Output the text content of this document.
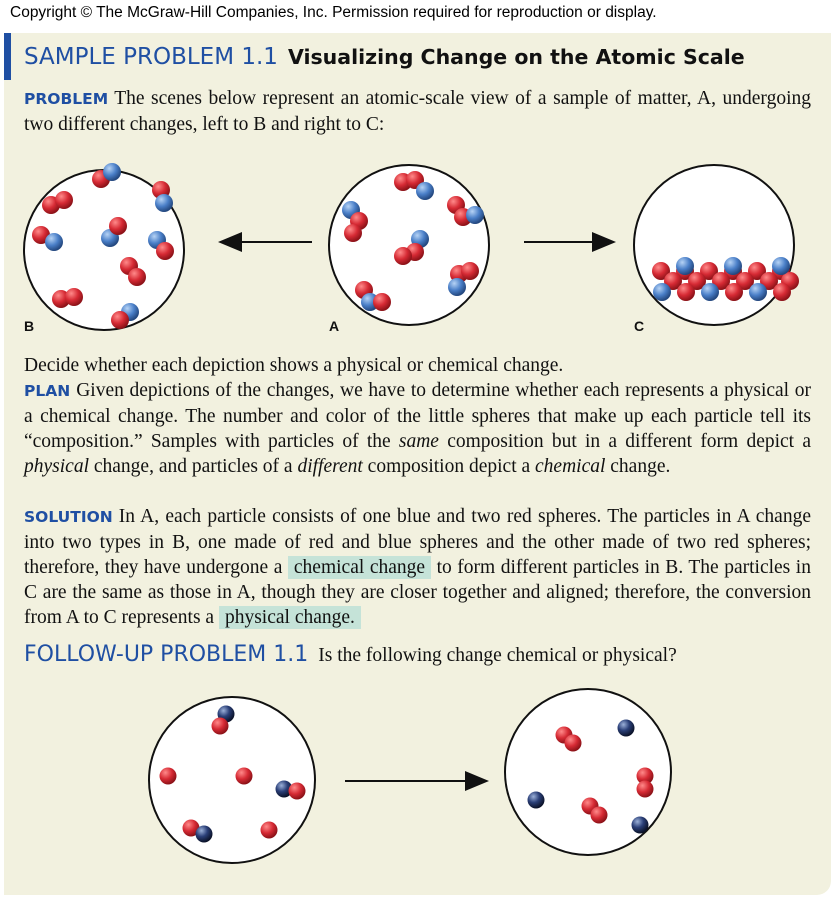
Copyright © The McGraw-Hill Companies, Inc. Permission required for reproduction or display.
SAMPLE PROBLEM 1.1 Visualizing Change on the Atomic Scale
PROBLEM The scenes below represent an atomic-scale view of a sample of matter, A, undergoing two different changes, left to B and right to C:
B	A	C
Decide whether each depiction shows a physical or chemical change.
PLAN Given depictions of the changes, we have to determine whether each represents a physical or a chemical change. The number and color of the little spheres that make up each particle tell its “composition.” Samples with particles of the same composition but in a different form depict a physical change, and particles of a different composition depict a chemical change.
SOLUTION In A, each particle consists of one blue and two red spheres. The particles in A change into two types in B, one made of red and blue spheres and the other made of two red spheres; therefore, they have undergone a chemical change to form different particles in B. The particles in C are the same as those in A, though they are closer together and aligned; therefore, the conversion from A to C represents a physical change.
FOLLOW-UP PROBLEM 1.1 Is the following change chemical or physical?
